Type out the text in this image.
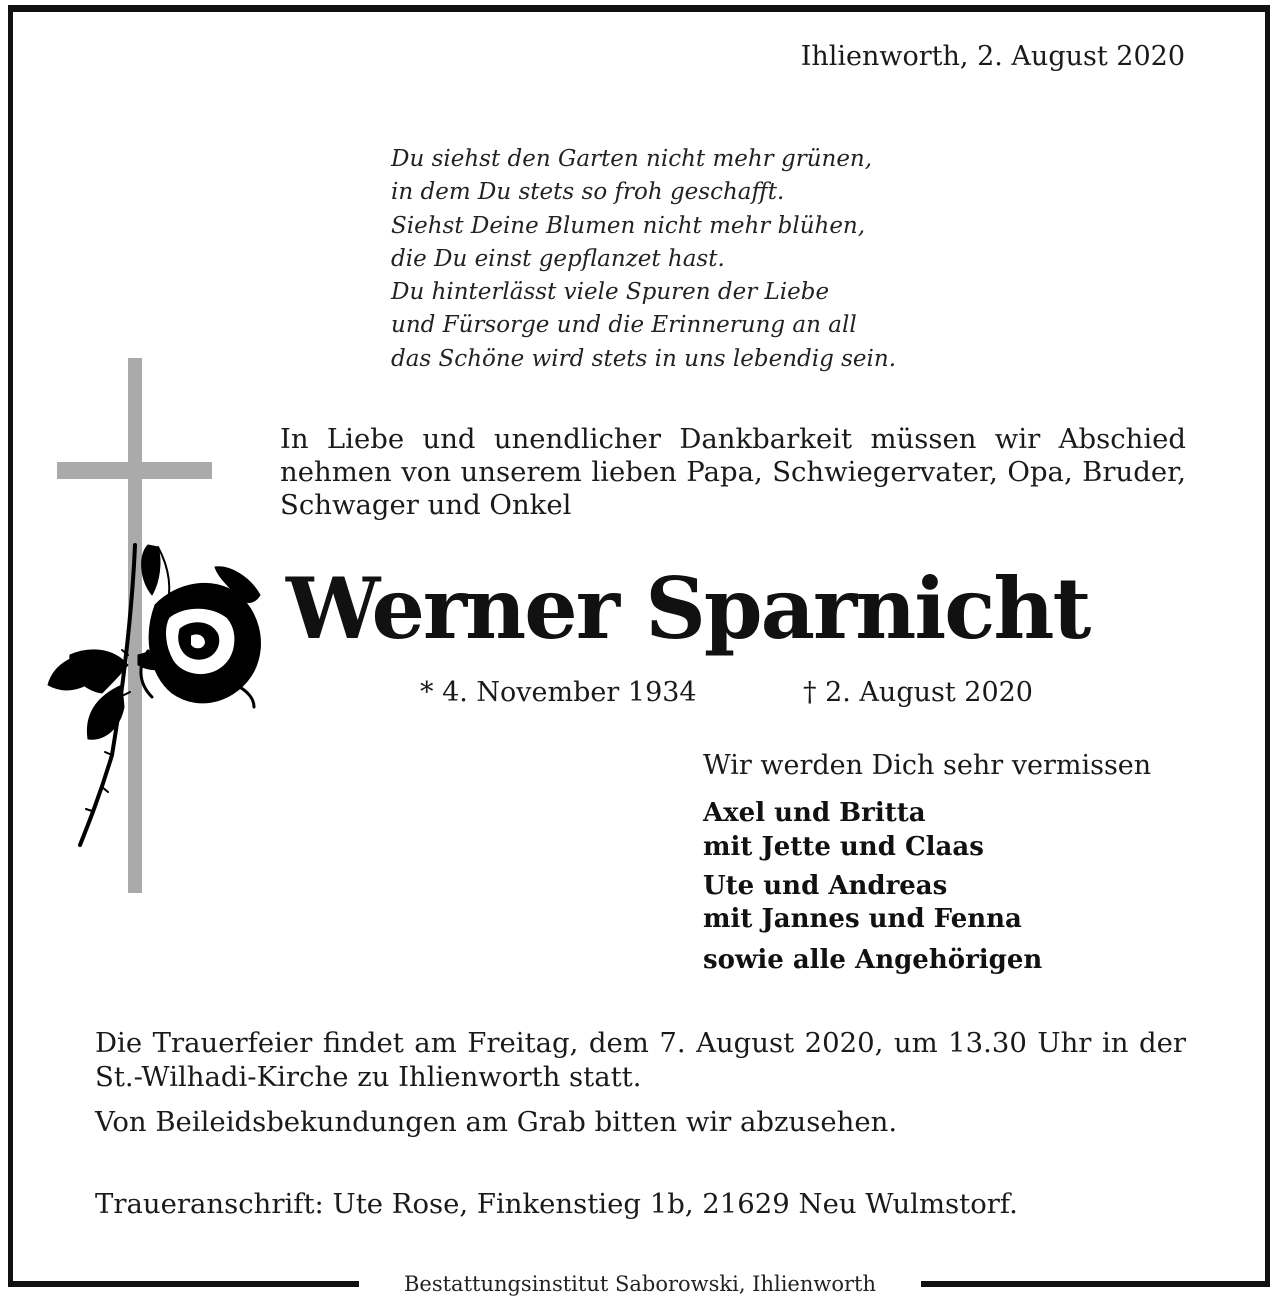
Ihlienworth, 2. August 2020
Du siehst den Garten nicht mehr grünen,
in dem Du stets so froh geschafft.
Siehst Deine Blumen nicht mehr blühen,
die Du einst gepflanzet hast.
Du hinterlässt viele Spuren der Liebe
und Fürsorge und die Erinnerung an all
das Schöne wird stets in uns lebendig sein.
In Liebe und unendlicher Dankbarkeit müssen wir Abschied nehmen von unserem lieben Papa, Schwiegervater, Opa, Bruder, Schwager und Onkel
Werner Sparnicht
* 4. November 1934	† 2. August 2020
Wir werden Dich sehr vermissen
Axel und Britta
mit Jette und Claas
Ute und Andreas
mit Jannes und Fenna
sowie alle Angehörigen
Die Trauerfeier findet am Freitag, dem 7. August 2020, um 13.30 Uhr in der St.-Wilhadi-Kirche zu Ihlienworth statt.
Von Beileidsbekundungen am Grab bitten wir abzusehen.
Traueranschrift: Ute Rose, Finkenstieg 1b, 21629 Neu Wulmstorf.
Bestattungsinstitut Saborowski, Ihlienworth
